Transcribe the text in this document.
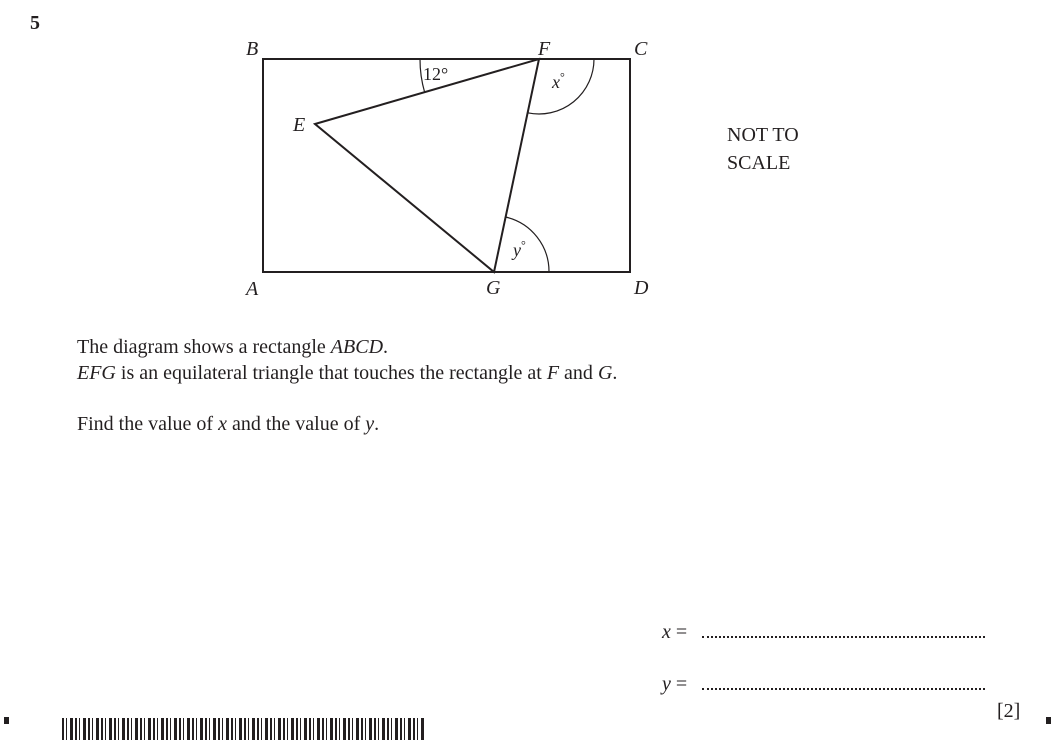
5
B	F	C
E
A	G	D
12°	x°
y°
NOT TO
SCALE
The diagram shows a rectangle ABCD.
EFG is an equilateral triangle that touches the rectangle at F and G.
Find the value of x and the value of y.
x =
y =
[2]
